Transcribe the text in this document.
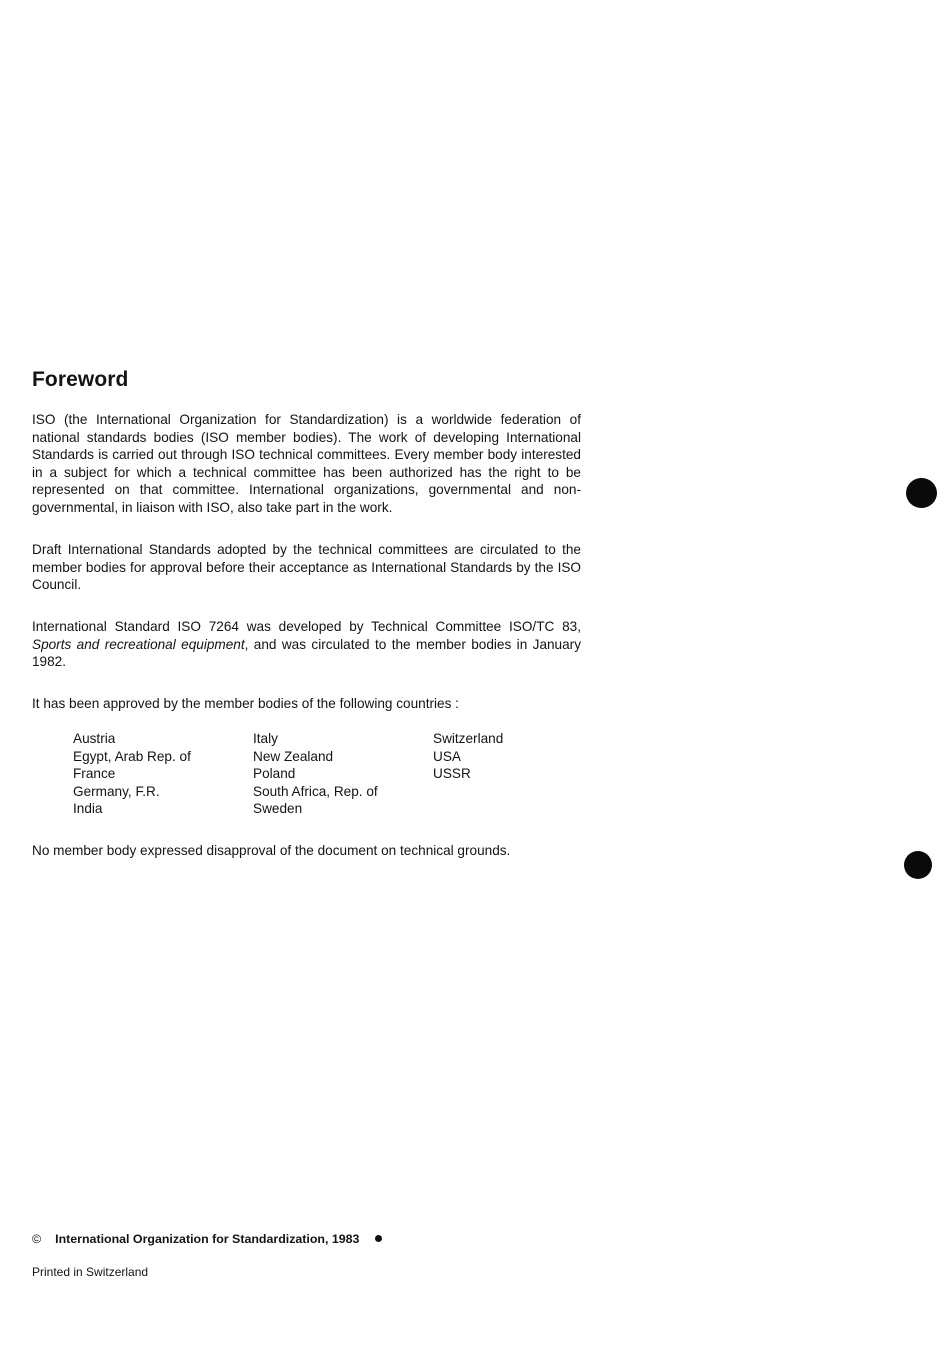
Foreword

ISO (the International Organization for Standardization) is a worldwide federation of national standards bodies (ISO member bodies). The work of developing International Standards is carried out through ISO technical committees. Every member body interested in a subject for which a technical committee has been authorized has the right to be represented on that committee. International organizations, governmental and non-governmental, in liaison with ISO, also take part in the work.

Draft International Standards adopted by the technical committees are circulated to the member bodies for approval before their acceptance as International Standards by the ISO Council.

International Standard ISO 7264 was developed by Technical Committee ISO/TC 83, Sports and recreational equipment, and was circulated to the member bodies in January 1982.

It has been approved by the member bodies of the following countries :

Austria
Egypt, Arab Rep. of
France
Germany, F.R.
India
Italy
New Zealand
Poland
South Africa, Rep. of
Sweden
Switzerland
USA
USSR

No member body expressed disapproval of the document on technical grounds.

© International Organization for Standardization, 1983

Printed in Switzerland
